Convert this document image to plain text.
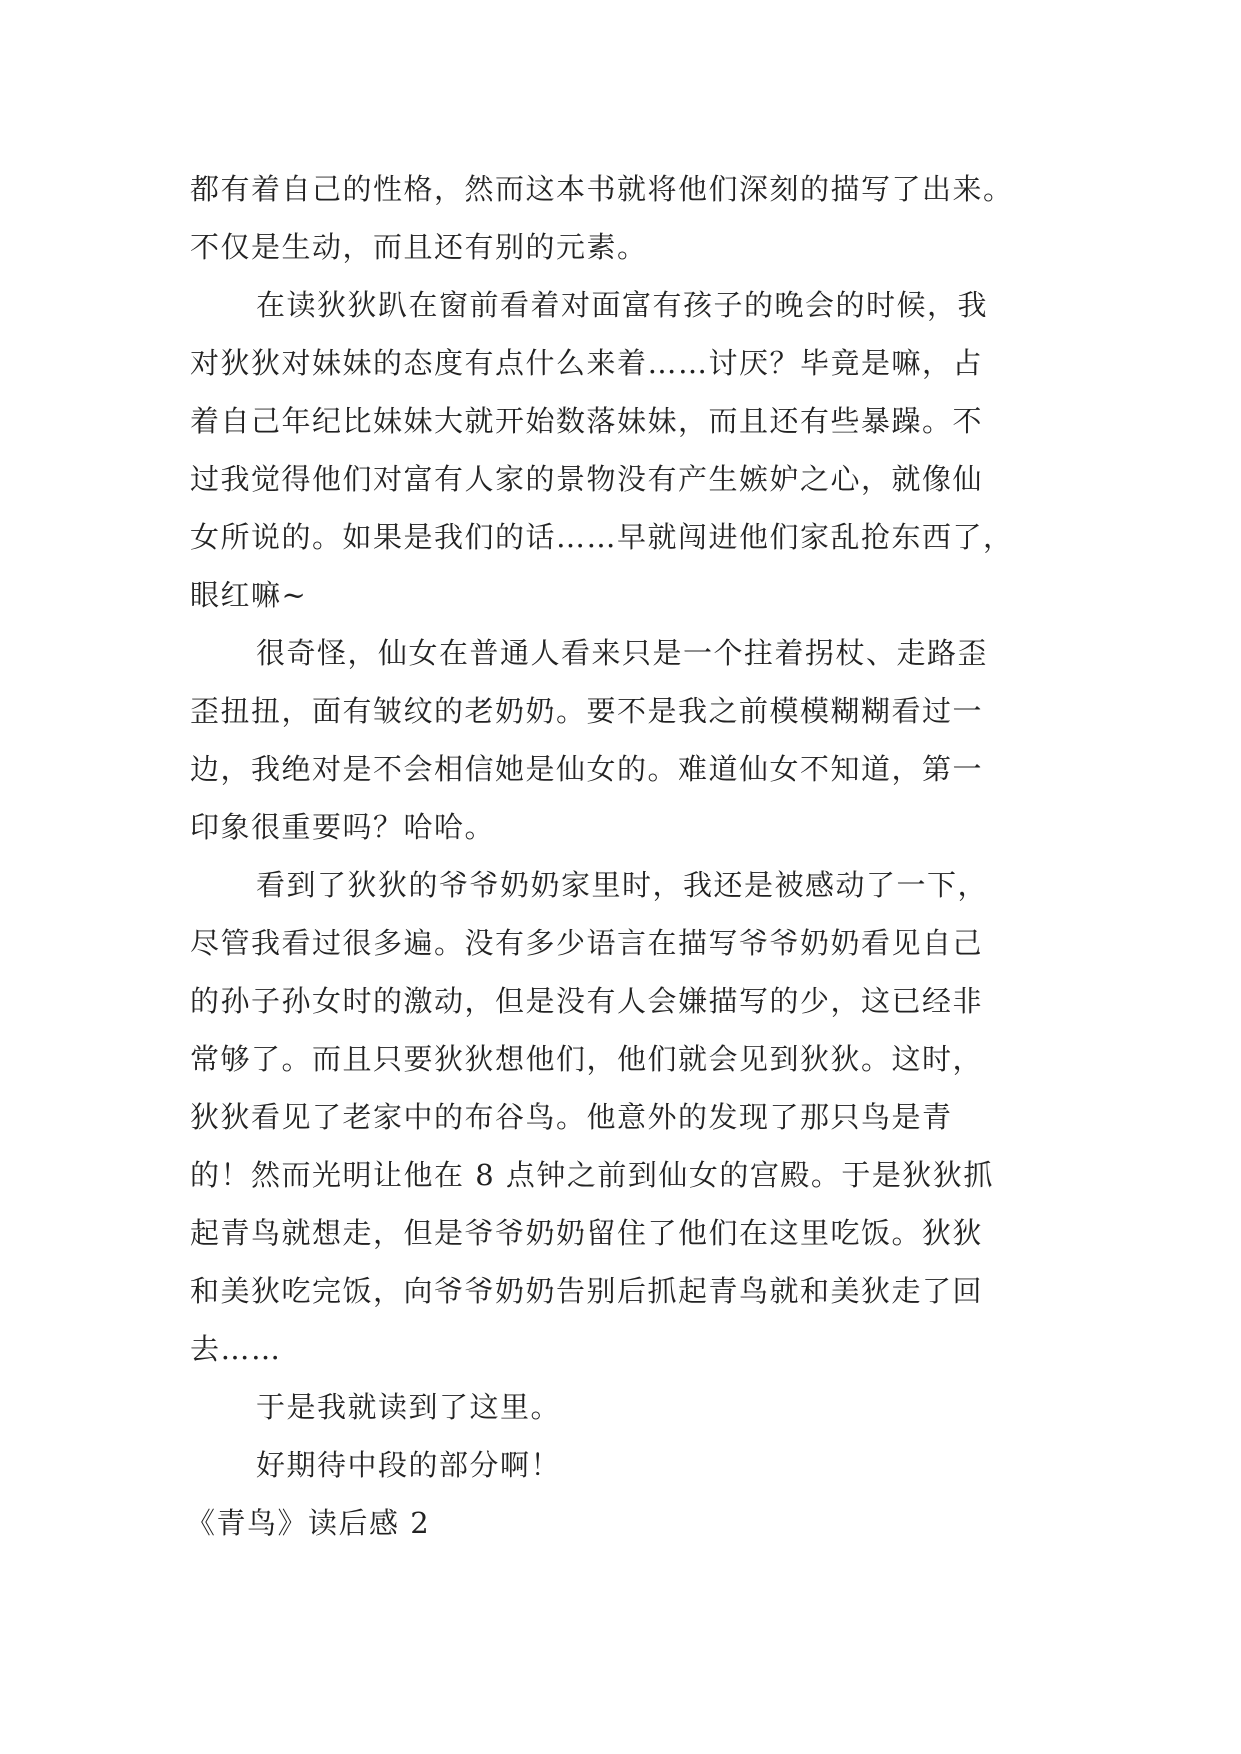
都有着自己的性格，然而这本书就将他们深刻的描写了出来。
不仅是生动，而且还有别的元素。
在读狄狄趴在窗前看着对面富有孩子的晚会的时候，我
对狄狄对妹妹的态度有点什么来着……讨厌？毕竟是嘛，占
着自己年纪比妹妹大就开始数落妹妹，而且还有些暴躁。不
过我觉得他们对富有人家的景物没有产生嫉妒之心，就像仙
女所说的。如果是我们的话……早就闯进他们家乱抢东西了，
眼红嘛~
很奇怪，仙女在普通人看来只是一个拄着拐杖、走路歪
歪扭扭，面有皱纹的老奶奶。要不是我之前模模糊糊看过一
边，我绝对是不会相信她是仙女的。难道仙女不知道，第一
印象很重要吗？哈哈。
看到了狄狄的爷爷奶奶家里时，我还是被感动了一下，
尽管我看过很多遍。没有多少语言在描写爷爷奶奶看见自己
的孙子孙女时的激动，但是没有人会嫌描写的少，这已经非
常够了。而且只要狄狄想他们，他们就会见到狄狄。这时，
狄狄看见了老家中的布谷鸟。他意外的发现了那只鸟是青
的！然而光明让他在 8 点钟之前到仙女的宫殿。于是狄狄抓
起青鸟就想走，但是爷爷奶奶留住了他们在这里吃饭。狄狄
和美狄吃完饭，向爷爷奶奶告别后抓起青鸟就和美狄走了回
去……
于是我就读到了这里。
好期待中段的部分啊！
《青鸟》读后感 2
